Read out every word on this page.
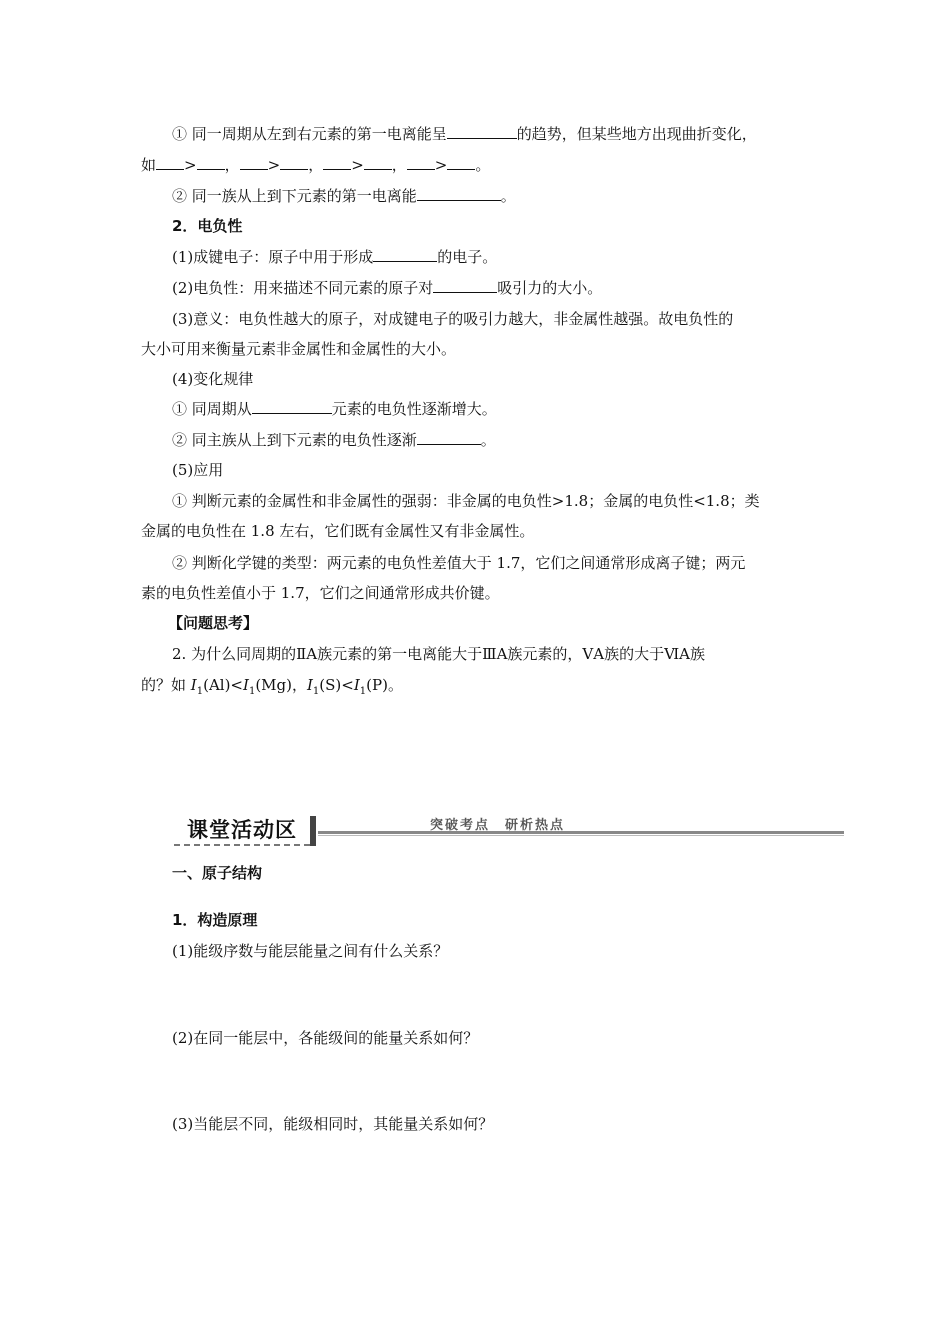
① 同一周期从左到右元素的第一电离能呈	的趋势，但某些地方出现曲折变化，
如 > ， > ， > ， > 。
② 同一族从上到下元素的第一电离能	。
2．电负性
(1)成键电子：原子中用于形成	的电子。
(2)电负性：用来描述不同元素的原子对	吸引力的大小。
(3)意义：电负性越大的原子，对成键电子的吸引力越大，非金属性越强。故电负性的
大小可用来衡量元素非金属性和金属性的大小。
(4)变化规律
① 同周期从	元素的电负性逐渐增大。
② 同主族从上到下元素的电负性逐渐	。
(5)应用
① 判断元素的金属性和非金属性的强弱：非金属的电负性>1.8；金属的电负性<1.8；类
金属的电负性在 1.8 左右，它们既有金属性又有非金属性。
② 判断化学键的类型：两元素的电负性差值大于 1.7，它们之间通常形成离子键；两元
素的电负性差值小于 1.7，它们之间通常形成共价键。
【问题思考】
2. 为什么同周期的ⅡA族元素的第一电离能大于ⅢA族元素的，ⅤA族的大于ⅥA族
的？如 $I_1(Al)<I_1(Mg)$，$I_1(S)<I_1(P)$。
课堂活动区	突破考点　研析热点
一、原子结构
1．构造原理
(1)能级序数与能层能量之间有什么关系？
(2)在同一能层中，各能级间的能量关系如何？
(3)当能层不同，能级相同时，其能量关系如何？
